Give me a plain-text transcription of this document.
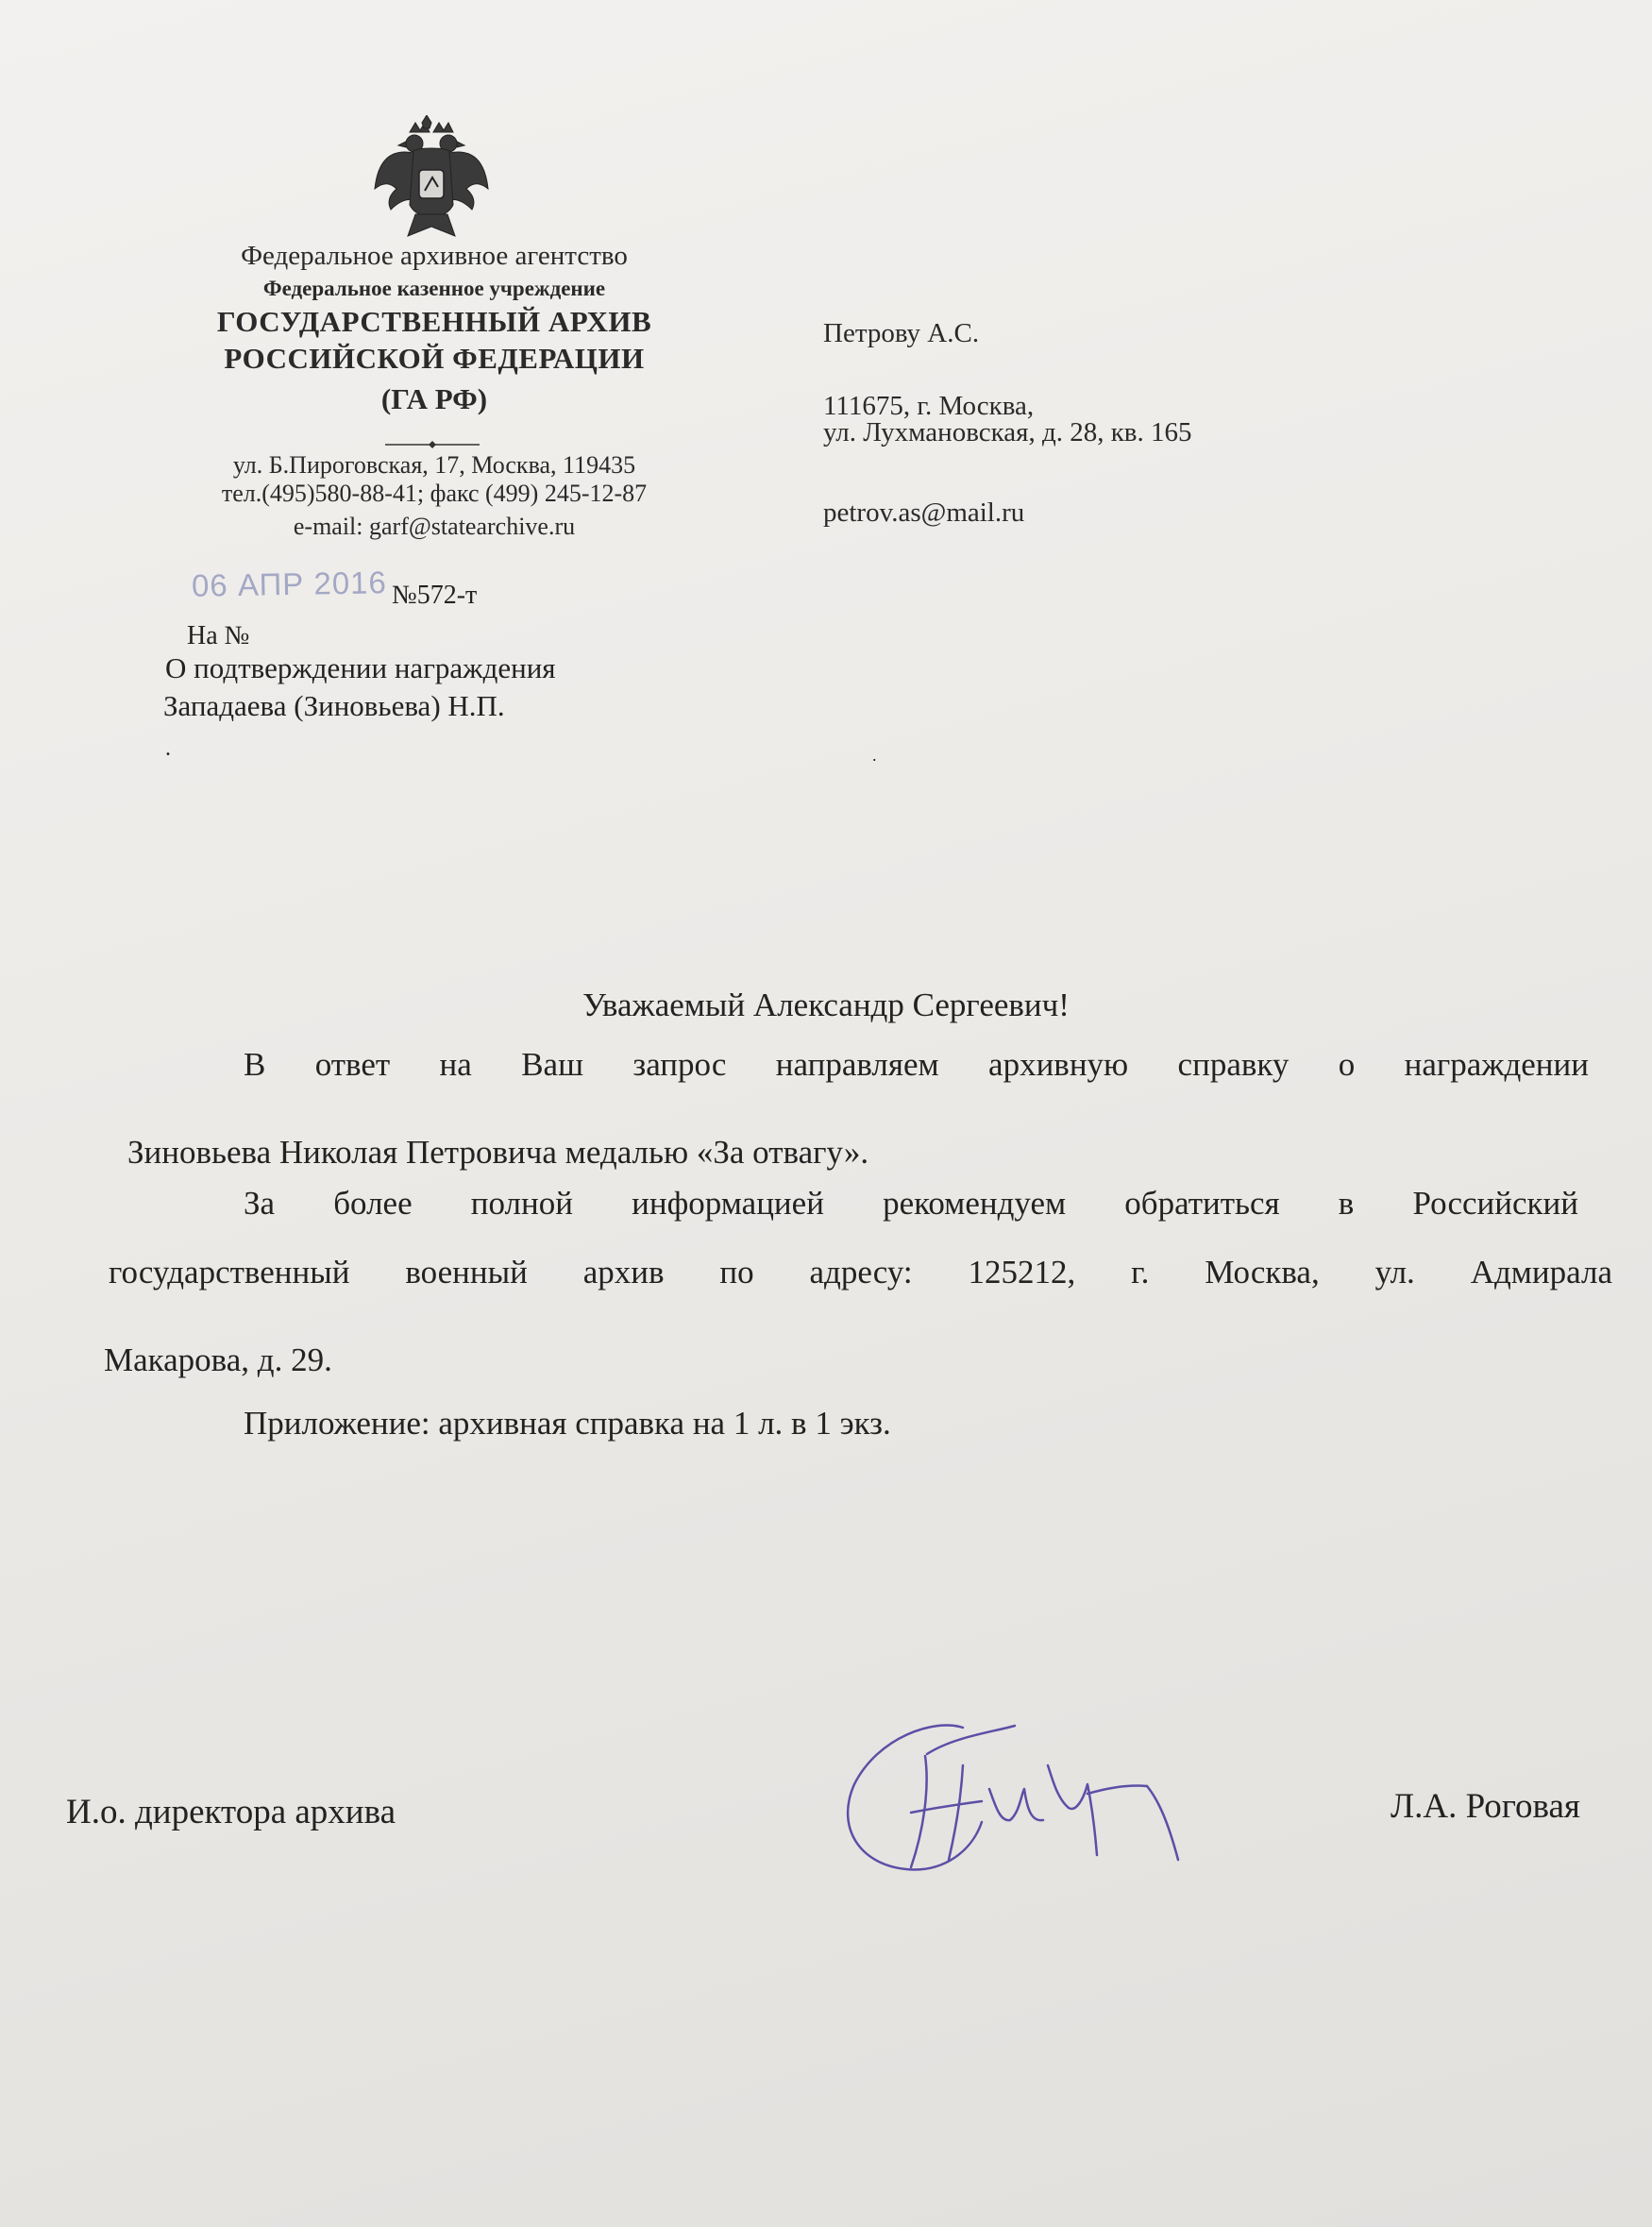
Федеральное архивное агентство
Федеральное казенное учреждение
ГОСУДАРСТВЕННЫЙ АРХИВ
РОССИЙСКОЙ ФЕДЕРАЦИИ
(ГА РФ)
ул. Б.Пироговская, 17, Москва, 119435
тел.(495)580-88-41; факс (499) 245-12-87
e-mail: garf@statearchive.ru
06 АПР 2016 №572-т
На №
О подтверждении награждения
Западаева (Зиновьева) Н.П.
.	.
Петрову А.С.
111675, г. Москва,
ул. Лухмановская, д. 28, кв. 165
petrov.as@mail.ru
Уважаемый Александр Сергеевич!
В ответ на Ваш запрос направляем архивную справку о награждении
Зиновьева Николая Петровича медалью «За отвагу».
За более полной информацией рекомендуем обратиться в Российский
государственный военный архив по адресу: 125212, г. Москва, ул. Адмирала
Макарова, д. 29.
Приложение: архивная справка на 1 л. в 1 экз.
И.о. директора архива	Л.А. Роговая
